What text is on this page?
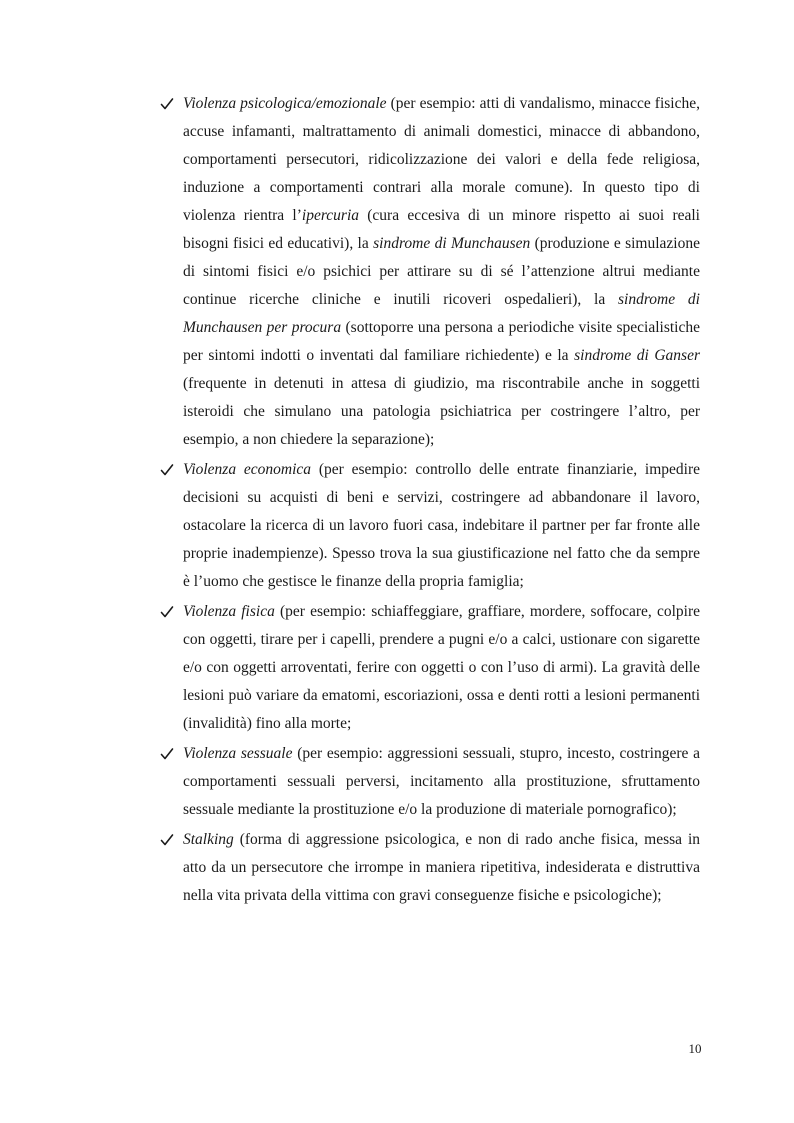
Violenza psicologica/emozionale (per esempio: atti di vandalismo, minacce fisiche, accuse infamanti, maltrattamento di animali domestici, minacce di abbandono, comportamenti persecutori, ridicolizzazione dei valori e della fede religiosa, induzione a comportamenti contrari alla morale comune). In questo tipo di violenza rientra l’ipercuria (cura eccesiva di un minore rispetto ai suoi reali bisogni fisici ed educativi), la sindrome di Munchausen (produzione e simulazione di sintomi fisici e/o psichici per attirare su di sé l’attenzione altrui mediante continue ricerche cliniche e inutili ricoveri ospedalieri), la sindrome di Munchausen per procura (sottoporre una persona a periodiche visite specialistiche per sintomi indotti o inventati dal familiare richiedente) e la sindrome di Ganser (frequente in detenuti in attesa di giudizio, ma riscontrabile anche in soggetti isteroidi che simulano una patologia psichiatrica per costringere l’altro, per esempio, a non chiedere la separazione);
Violenza economica (per esempio: controllo delle entrate finanziarie, impedire decisioni su acquisti di beni e servizi, costringere ad abbandonare il lavoro, ostacolare la ricerca di un lavoro fuori casa, indebitare il partner per far fronte alle proprie inadempienze). Spesso trova la sua giustificazione nel fatto che da sempre è l’uomo che gestisce le finanze della propria famiglia;
Violenza fisica (per esempio: schiaffeggiare, graffiare, mordere, soffocare, colpire con oggetti, tirare per i capelli, prendere a pugni e/o a calci, ustionare con sigarette e/o con oggetti arroventati, ferire con oggetti o con l’uso di armi). La gravità delle lesioni può variare da ematomi, escoriazioni, ossa e denti rotti a lesioni permanenti (invalidità) fino alla morte;
Violenza sessuale (per esempio: aggressioni sessuali, stupro, incesto, costringere a comportamenti sessuali perversi, incitamento alla prostituzione, sfruttamento sessuale mediante la prostituzione e/o la produzione di materiale pornografico);
Stalking (forma di aggressione psicologica, e non di rado anche fisica, messa in atto da un persecutore che irrompe in maniera ripetitiva, indesiderata e distruttiva nella vita privata della vittima con gravi conseguenze fisiche e psicologiche);
10
